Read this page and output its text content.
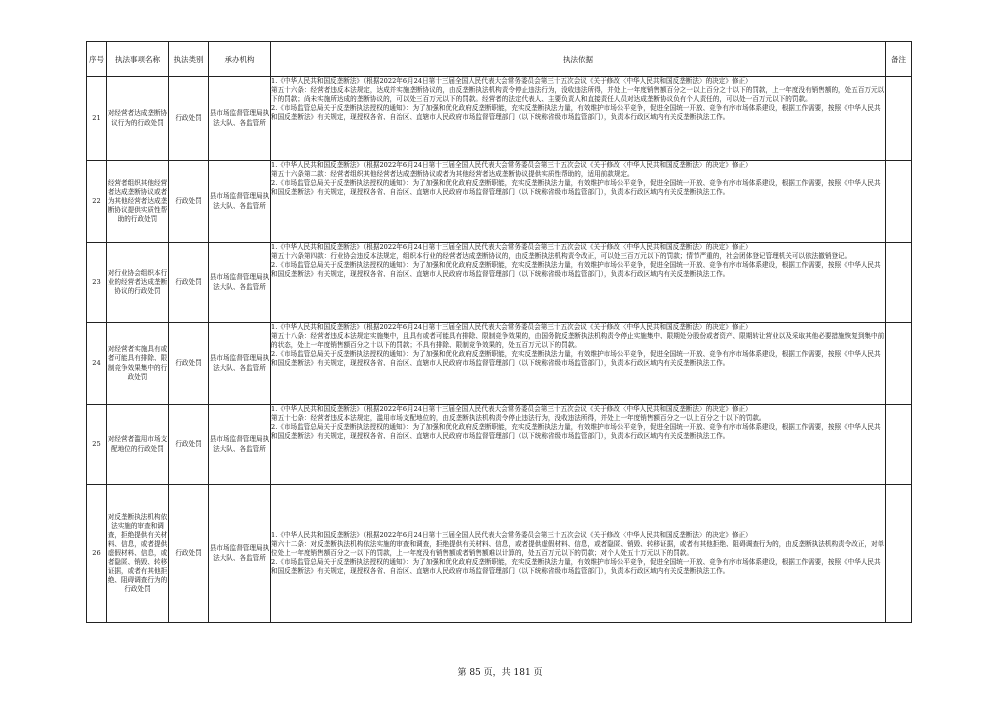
序号	执法事项名称	执法类别	承办机构	执法依据	备注
21	对经营者达成垄断协议行为的行政处罚	行政处罚	县市场监督管理局执法大队、各监管所	1.《中华人民共和国反垄断法》（根据2022年6月24日第十三届全国人民代表大会常务委员会第三十五次会议《关于修改〈中华人民共和国反垄断法〉的决定》修正）

第五十六条：经营者违反本法规定，达成并实施垄断协议的，由反垄断执法机构责令停止违法行为，没收违法所得，并处上一年度销售额百分之一以上百分之十以下的罚款，上一年度没有销售额的，处五百万元以下的罚款；尚未实施所达成的垄断协议的，可以处三百万元以下的罚款。经营者的法定代表人、主要负责人和直接责任人员对达成垄断协议负有个人责任的，可以处一百万元以下的罚款。

2.《市场监管总局关于反垄断执法授权的通知》：为了加强和优化政府反垄断职能，充实反垄断执法力量，有效维护市场公平竞争，促进全国统一开放、竞争有序市场体系建设，根据工作需要，按照《中华人民共和国反垄断法》有关规定，现授权各省、自治区、直辖市人民政府市场监督管理部门（以下统称省级市场监管部门），负责本行政区域内有关反垄断执法工作。	

22	经营者组织其他经营者达成垄断协议或者为其他经营者达成垄断协议提供实质性帮助的行政处罚	行政处罚	县市场监督管理局执法大队、各监管所	1.《中华人民共和国反垄断法》（根据2022年6月24日第十三届全国人民代表大会常务委员会第三十五次会议《关于修改〈中华人民共和国反垄断法〉的决定》修正）

第五十六条第二款：经营者组织其他经营者达成垄断协议或者为其他经营者达成垄断协议提供实质性帮助的，适用前款规定。

2.《市场监管总局关于反垄断执法授权的通知》：为了加强和优化政府反垄断职能，充实反垄断执法力量，有效维护市场公平竞争，促进全国统一开放、竞争有序市场体系建设，根据工作需要，按照《中华人民共和国反垄断法》有关规定，现授权各省、自治区、直辖市人民政府市场监督管理部门（以下统称省级市场监管部门），负责本行政区域内有关反垄断执法工作。	

23	对行业协会组织本行业的经营者达成垄断协议的行政处罚	行政处罚	县市场监督管理局执法大队、各监管所	1.《中华人民共和国反垄断法》（根据2022年6月24日第十三届全国人民代表大会常务委员会第三十五次会议《关于修改〈中华人民共和国反垄断法〉的决定》修正）

第五十六条第四款：行业协会违反本法规定，组织本行业的经营者达成垄断协议的，由反垄断执法机构责令改正，可以处三百万元以下的罚款；情节严重的，社会团体登记管理机关可以依法撤销登记。

2.《市场监管总局关于反垄断执法授权的通知》：为了加强和优化政府反垄断职能，充实反垄断执法力量，有效维护市场公平竞争，促进全国统一开放、竞争有序市场体系建设，根据工作需要，按照《中华人民共和国反垄断法》有关规定，现授权各省、自治区、直辖市人民政府市场监督管理部门（以下统称省级市场监管部门），负责本行政区域内有关反垄断执法工作。	

24	对经营者实施具有或者可能具有排除、限制竞争效果集中的行政处罚	行政处罚	县市场监督管理局执法大队、各监管所	1.《中华人民共和国反垄断法》（根据2022年6月24日第十三届全国人民代表大会常务委员会第三十五次会议《关于修改〈中华人民共和国反垄断法〉的决定》修正）

第五十八条：经营者违反本法规定实施集中，且具有或者可能具有排除、限制竞争效果的，由国务院反垄断执法机构责令停止实施集中、限期处分股份或者资产、限期转让营业以及采取其他必要措施恢复到集中前的状态，处上一年度销售额百分之十以下的罚款；不具有排除、限制竞争效果的，处五百万元以下的罚款。

2.《市场监管总局关于反垄断执法授权的通知》：为了加强和优化政府反垄断职能，充实反垄断执法力量，有效维护市场公平竞争，促进全国统一开放、竞争有序市场体系建设，根据工作需要，按照《中华人民共和国反垄断法》有关规定，现授权各省、自治区、直辖市人民政府市场监督管理部门（以下统称省级市场监管部门），负责本行政区域内有关反垄断执法工作。	

25	对经营者滥用市场支配地位的行政处罚	行政处罚	县市场监督管理局执法大队、各监管所	1.《中华人民共和国反垄断法》（根据2022年6月24日第十三届全国人民代表大会常务委员会第三十五次会议《关于修改〈中华人民共和国反垄断法〉的决定》修正）

第五十七条：经营者违反本法规定，滥用市场支配地位的，由反垄断执法机构责令停止违法行为，没收违法所得，并处上一年度销售额百分之一以上百分之十以下的罚款。

2.《市场监管总局关于反垄断执法授权的通知》：为了加强和优化政府反垄断职能，充实反垄断执法力量，有效维护市场公平竞争，促进全国统一开放、竞争有序市场体系建设，根据工作需要，按照《中华人民共和国反垄断法》有关规定，现授权各省、自治区、直辖市人民政府市场监督管理部门（以下统称省级市场监管部门），负责本行政区域内有关反垄断执法工作。	

26	对反垄断执法机构依法实施的审查和调查，拒绝提供有关材料、信息，或者提供虚假材料、信息，或者隐匿、销毁、转移证据，或者有其他拒绝、阻碍调查行为的行政处罚	行政处罚	县市场监督管理局执法大队、各监管所	1.《中华人民共和国反垄断法》（根据2022年6月24日第十三届全国人民代表大会常务委员会第三十五次会议《关于修改〈中华人民共和国反垄断法〉的决定》修正）

第六十二条：对反垄断执法机构依法实施的审查和调查，拒绝提供有关材料、信息，或者提供虚假材料、信息，或者隐匿、销毁、转移证据，或者有其他拒绝、阻碍调查行为的，由反垄断执法机构责令改正，对单位处上一年度销售额百分之一以下的罚款，上一年度没有销售额或者销售额难以计算的，处五百万元以下的罚款；对个人处五十万元以下的罚款。

2.《市场监管总局关于反垄断执法授权的通知》：为了加强和优化政府反垄断职能，充实反垄断执法力量，有效维护市场公平竞争，促进全国统一开放、竞争有序市场体系建设，根据工作需要，按照《中华人民共和国反垄断法》有关规定，现授权各省、自治区、直辖市人民政府市场监督管理部门（以下统称省级市场监管部门），负责本行政区域内有关反垄断执法工作。	

第 85 页，共 181 页
